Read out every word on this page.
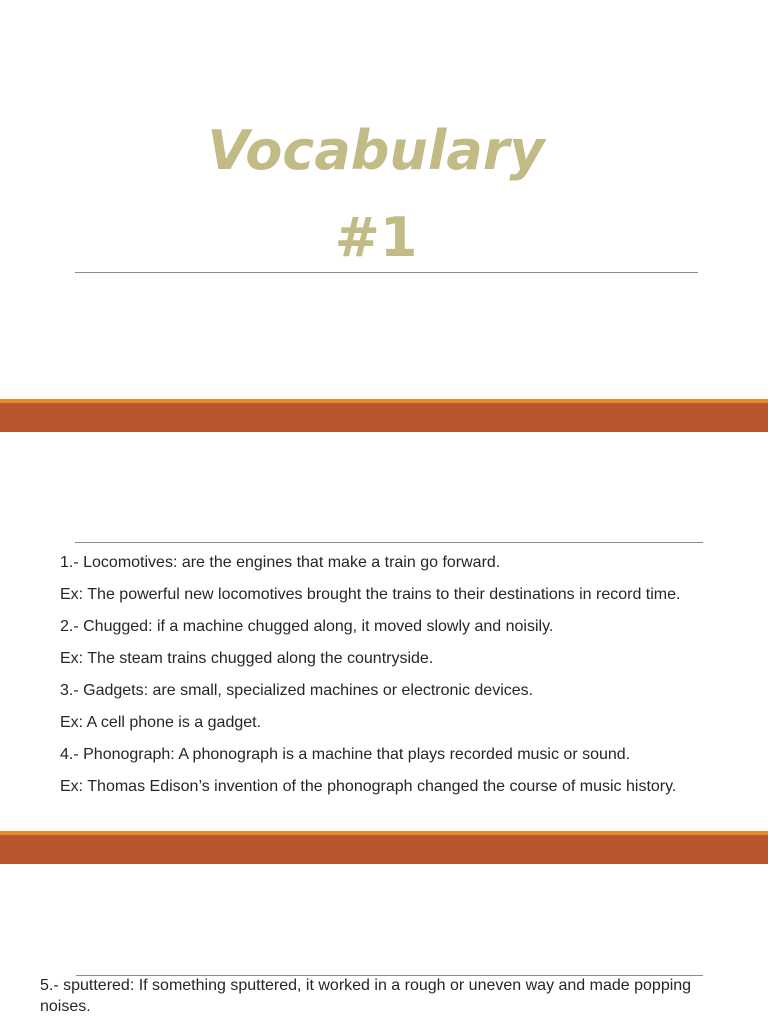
Vocabulary
#1

1.- Locomotives: are the engines that make a train go forward.

Ex: The powerful new locomotives brought the trains to their destinations in record time.

2.- Chugged: if a machine chugged along, it moved slowly and noisily.

Ex: The steam trains chugged along the countryside.

3.- Gadgets: are small, specialized machines or electronic devices.

Ex: A cell phone is a gadget.

4.- Phonograph: A phonograph is a machine that plays recorded music or sound.

Ex: Thomas Edison’s invention of the phonograph changed the course of music history.

5.- sputtered: If something sputtered, it worked in a rough or uneven way and made popping noises.
